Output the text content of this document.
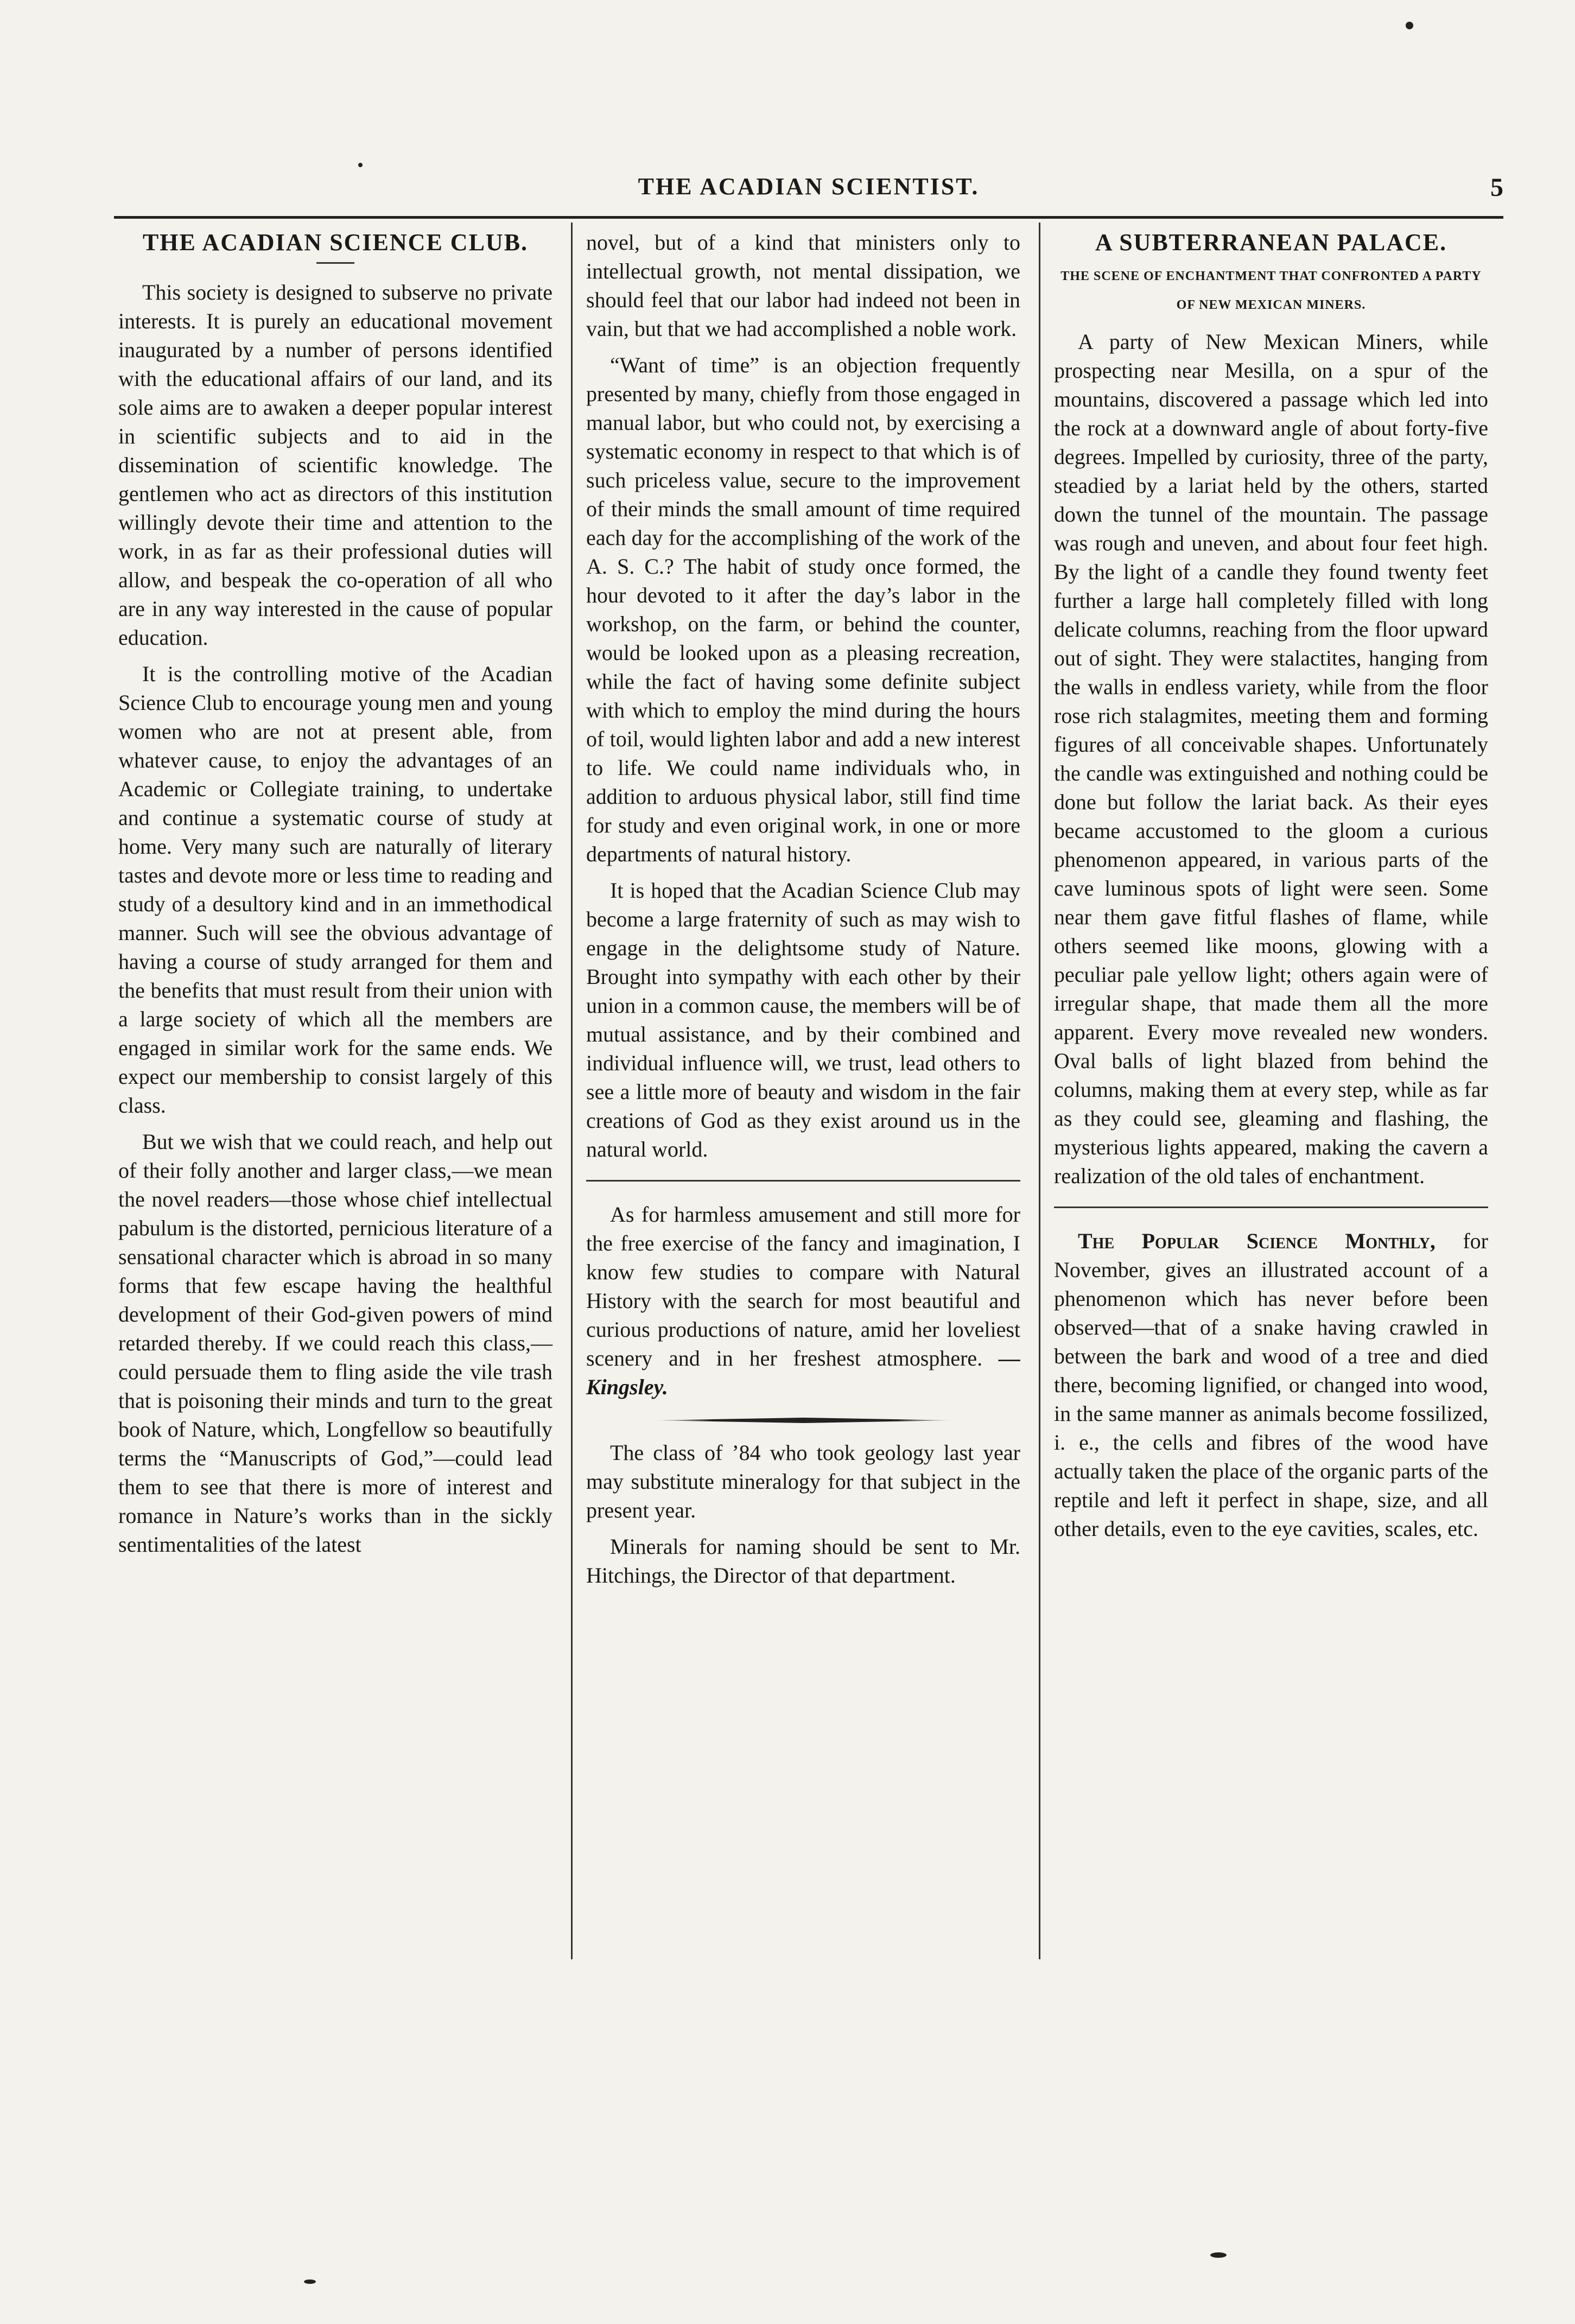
THE ACADIAN SCIENTIST.	5
THE ACADIAN SCIENCE CLUB.

This society is designed to subserve no private interests. It is purely an educational movement inaugurated by a number of persons identified with the educational affairs of our land, and its sole aims are to awaken a deeper popular interest in scientific subjects and to aid in the dissemination of scientific knowledge. The gentlemen who act as directors of this institution willingly devote their time and attention to the work, in as far as their professional duties will allow, and bespeak the co-operation of all who are in any way interested in the cause of popular education.

It is the controlling motive of the Acadian Science Club to encourage young men and young women who are not at present able, from whatever cause, to enjoy the advantages of an Academic or Collegiate training, to undertake and continue a systematic course of study at home. Very many such are naturally of literary tastes and devote more or less time to reading and study of a desultory kind and in an immethodical manner. Such will see the obvious advantage of having a course of study arranged for them and the benefits that must result from their union with a large society of which all the members are engaged in similar work for the same ends. We expect our membership to consist largely of this class.

But we wish that we could reach, and help out of their folly another and larger class,—we mean the novel readers—those whose chief intellectual pabulum is the distorted, pernicious literature of a sensational character which is abroad in so many forms that few escape having the healthful development of their God-given powers of mind retarded thereby. If we could reach this class,—could persuade them to fling aside the vile trash that is poisoning their minds and turn to the great book of Nature, which, Longfellow so beautifully terms the “Manuscripts of God,”—could lead them to see that there is more of interest and romance in Nature’s works than in the sickly sentimentalities of the latest

novel, but of a kind that ministers only to intellectual growth, not mental dissipation, we should feel that our labor had indeed not been in vain, but that we had accomplished a noble work.

“Want of time” is an objection frequently presented by many, chiefly from those engaged in manual labor, but who could not, by exercising a systematic economy in respect to that which is of such priceless value, secure to the improvement of their minds the small amount of time required each day for the accomplishing of the work of the A. S. C.? The habit of study once formed, the hour devoted to it after the day’s labor in the workshop, on the farm, or behind the counter, would be looked upon as a pleasing recreation, while the fact of having some definite subject with which to employ the mind during the hours of toil, would lighten labor and add a new interest to life. We could name individuals who, in addition to arduous physical labor, still find time for study and even original work, in one or more departments of natural history.

It is hoped that the Acadian Science Club may become a large fraternity of such as may wish to engage in the delightsome study of Nature. Brought into sympathy with each other by their union in a common cause, the members will be of mutual assistance, and by their combined and individual influence will, we trust, lead others to see a little more of beauty and wisdom in the fair creations of God as they exist around us in the natural world.

As for harmless amusement and still more for the free exercise of the fancy and imagination, I know few studies to compare with Natural History with the search for most beautiful and curious productions of nature, amid her loveliest scenery and in her freshest atmosphere. —Kingsley.

The class of ’84 who took geology last year may substitute mineralogy for that subject in the present year.

Minerals for naming should be sent to Mr. Hitchings, the Director of that department.

A SUBTERRANEAN PALACE.
THE SCENE OF ENCHANTMENT THAT CONFRONTED A PARTY OF NEW MEXICAN MINERS.

A party of New Mexican Miners, while prospecting near Mesilla, on a spur of the mountains, discovered a passage which led into the rock at a downward angle of about forty-five degrees. Impelled by curiosity, three of the party, steadied by a lariat held by the others, started down the tunnel of the mountain. The passage was rough and uneven, and about four feet high. By the light of a candle they found twenty feet further a large hall completely filled with long delicate columns, reaching from the floor upward out of sight. They were stalactites, hanging from the walls in endless variety, while from the floor rose rich stalagmites, meeting them and forming figures of all conceivable shapes. Unfortunately the candle was extinguished and nothing could be done but follow the lariat back. As their eyes became accustomed to the gloom a curious phenomenon appeared, in various parts of the cave luminous spots of light were seen. Some near them gave fitful flashes of flame, while others seemed like moons, glowing with a peculiar pale yellow light; others again were of irregular shape, that made them all the more apparent. Every move revealed new wonders. Oval balls of light blazed from behind the columns, making them at every step, while as far as they could see, gleaming and flashing, the mysterious lights appeared, making the cavern a realization of the old tales of enchantment.

The Popular Science Monthly, for November, gives an illustrated account of a phenomenon which has never before been observed—that of a snake having crawled in between the bark and wood of a tree and died there, becoming lignified, or changed into wood, in the same manner as animals become fossilized, i. e., the cells and fibres of the wood have actually taken the place of the organic parts of the reptile and left it perfect in shape, size, and all other details, even to the eye cavities, scales, etc.
